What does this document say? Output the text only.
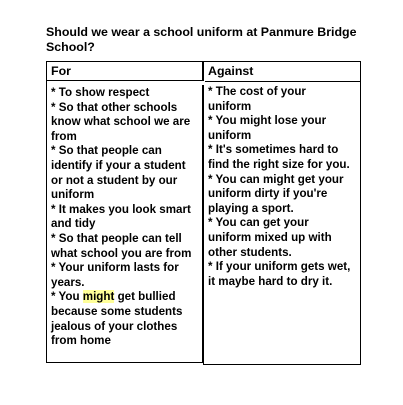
Should we wear a school uniform at Panmure Bridge
School?
For
* To show respect
* So that other schools
know what school we are
from
* So that people can
identify if your a student
or not a student by our
uniform
* It makes you look smart
and tidy
* So that people can tell
what school you are from
* Your uniform lasts for
years.
* You might get bullied
because some students
jealous of your clothes
from home
Against
* The cost of your
uniform
* You might lose your
uniform
* It's sometimes hard to
find the right size for you.
* You can might get your
uniform dirty if you're
playing a sport.
* You can get your
uniform mixed up with
other students.
* If your uniform gets wet,
it maybe hard to dry it.
